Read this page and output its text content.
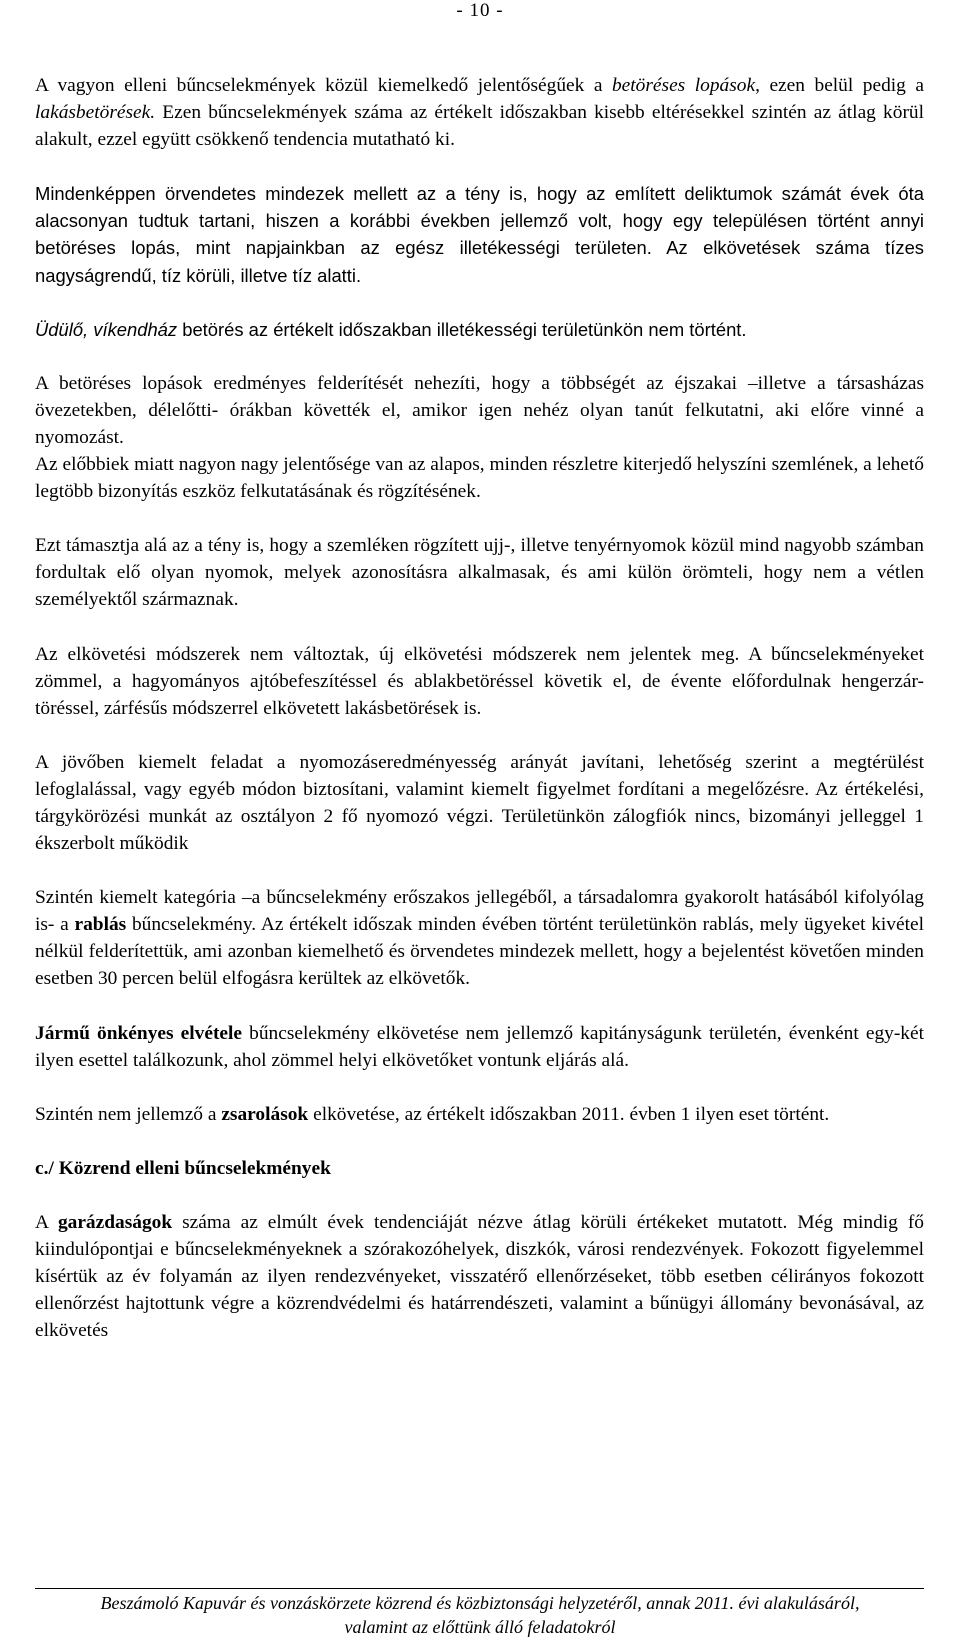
- 10 -

A vagyon elleni bűncselekmények közül kiemelkedő jelentőségűek a betöréses lopások, ezen belül pedig a lakásbetörések. Ezen bűncselekmények száma az értékelt időszakban kisebb eltérésekkel szintén az átlag körül alakult, ezzel együtt csökkenő tendencia mutatható ki.

Mindenképpen örvendetes mindezek mellett az a tény is, hogy az említett deliktumok számát évek óta alacsonyan tudtuk tartani, hiszen a korábbi években jellemző volt, hogy egy településen történt annyi betöréses lopás, mint napjainkban az egész illetékességi területen. Az elkövetések száma tízes nagyságrendű, tíz körüli, illetve tíz alatti.

Üdülő, víkendház betörés az értékelt időszakban illetékességi területünkön nem történt.

A betöréses lopások eredményes felderítését nehezíti, hogy a többségét az éjszakai –illetve a társasházas övezetekben, délelőtti- órákban követték el, amikor igen nehéz olyan tanút felkutatni, aki előre vinné a nyomozást.

Az előbbiek miatt nagyon nagy jelentősége van az alapos, minden részletre kiterjedő helyszíni szemlének, a lehető legtöbb bizonyítás eszköz felkutatásának és rögzítésének.

Ezt támasztja alá az a tény is, hogy a szemléken rögzített ujj-, illetve tenyérnyomok közül mind nagyobb számban fordultak elő olyan nyomok, melyek azonosításra alkalmasak, és ami külön örömteli, hogy nem a vétlen személyektől származnak.

Az elkövetési módszerek nem változtak, új elkövetési módszerek nem jelentek meg. A bűncselekményeket zömmel, a hagyományos ajtóbefeszítéssel és ablakbetöréssel követik el, de évente előfordulnak hengerzár-töréssel, zárfésűs módszerrel elkövetett lakásbetörések is.

A jövőben kiemelt feladat a nyomozáseredményesség arányát javítani, lehetőség szerint a megtérülést lefoglalással, vagy egyéb módon biztosítani, valamint kiemelt figyelmet fordítani a megelőzésre. Az értékelési, tárgykörözési munkát az osztályon 2 fő nyomozó végzi. Területünkön zálogfiók nincs, bizományi jelleggel 1 ékszerbolt működik

Szintén kiemelt kategória –a bűncselekmény erőszakos jellegéből, a társadalomra gyakorolt hatásából kifolyólag is- a rablás bűncselekmény. Az értékelt időszak minden évében történt területünkön rablás, mely ügyeket kivétel nélkül felderítettük, ami azonban kiemelhető és örvendetes mindezek mellett, hogy a bejelentést követően minden esetben 30 percen belül elfogásra kerültek az elkövetők.

Jármű önkényes elvétele bűncselekmény elkövetése nem jellemző kapitányságunk területén, évenként egy-két ilyen esettel találkozunk, ahol zömmel helyi elkövetőket vontunk eljárás alá.

Szintén nem jellemző a zsarolások elkövetése, az értékelt időszakban 2011. évben 1 ilyen eset történt.

c./ Közrend elleni bűncselekmények

A garázdaságok száma az elmúlt évek tendenciáját nézve átlag körüli értékeket mutatott. Még mindig fő kiindulópontjai e bűncselekményeknek a szórakozóhelyek, diszkók, városi rendezvények. Fokozott figyelemmel kísértük az év folyamán az ilyen rendezvényeket, visszatérő ellenőrzéseket, több esetben célirányos fokozott ellenőrzést hajtottunk végre a közrendvédelmi és határrendészeti, valamint a bűnügyi állomány bevonásával, az elkövetés

Beszámoló Kapuvár és vonzáskörzete közrend és közbiztonsági helyzetéről, annak 2011. évi alakulásáról,
valamint az előttünk álló feladatokról
